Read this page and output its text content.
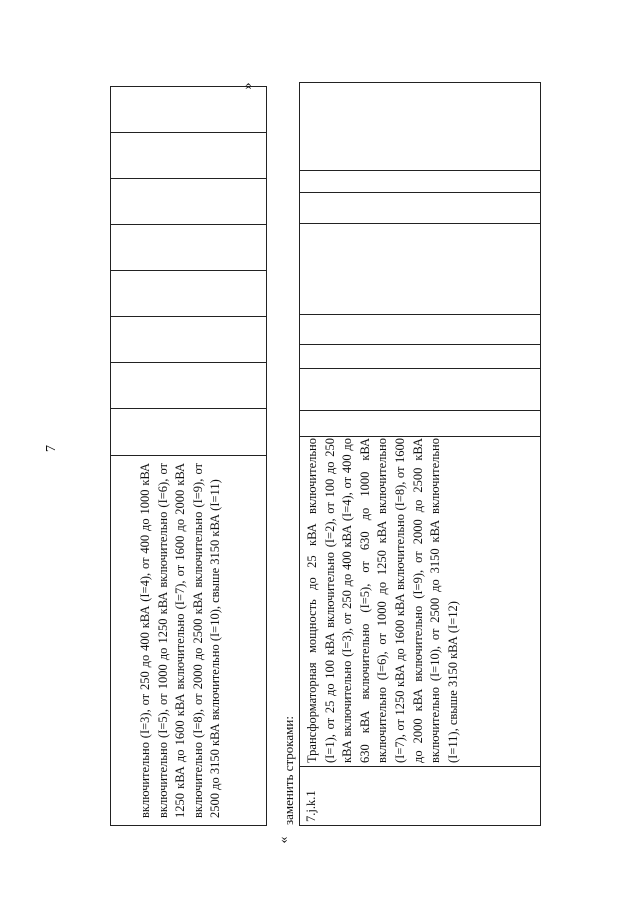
7
включительно (I=3), от 250 до 400 кВА (I=4), от 400 до 1000 кВА включительно (I=5), от 1000 до 1250 кВА включительно (I=6), от 1250 кВА до 1600 кВА включительно (I=7), от 1600 до 2000 кВА включительно (I=8), от 2000 до 2500 кВА включительно (I=9), от 2500 до 3150 кВА включительно (I=10), свыше 3150 кВА (I=11)
»
заменить строками:
«
7.j.k.1
Трансформаторная мощность до 25 кВА включительно (I=1), от 25 до 100 кВА включительно (I=2), от 100 до 250 кВА включительно (I=3), от 250 до 400 кВА (I=4), от 400 до 630 кВА включительно (I=5), от 630 до 1000 кВА включительно (I=6), от 1000 до 1250 кВА включительно (I=7), от 1250 кВА до 1600 кВА включительно (I=8), от 1600 до 2000 кВА включительно (I=9), от 2000 до 2500 кВА включительно (I=10), от 2500 до 3150 кВА включительно (I=11), свыше 3150 кВА (I=12)
